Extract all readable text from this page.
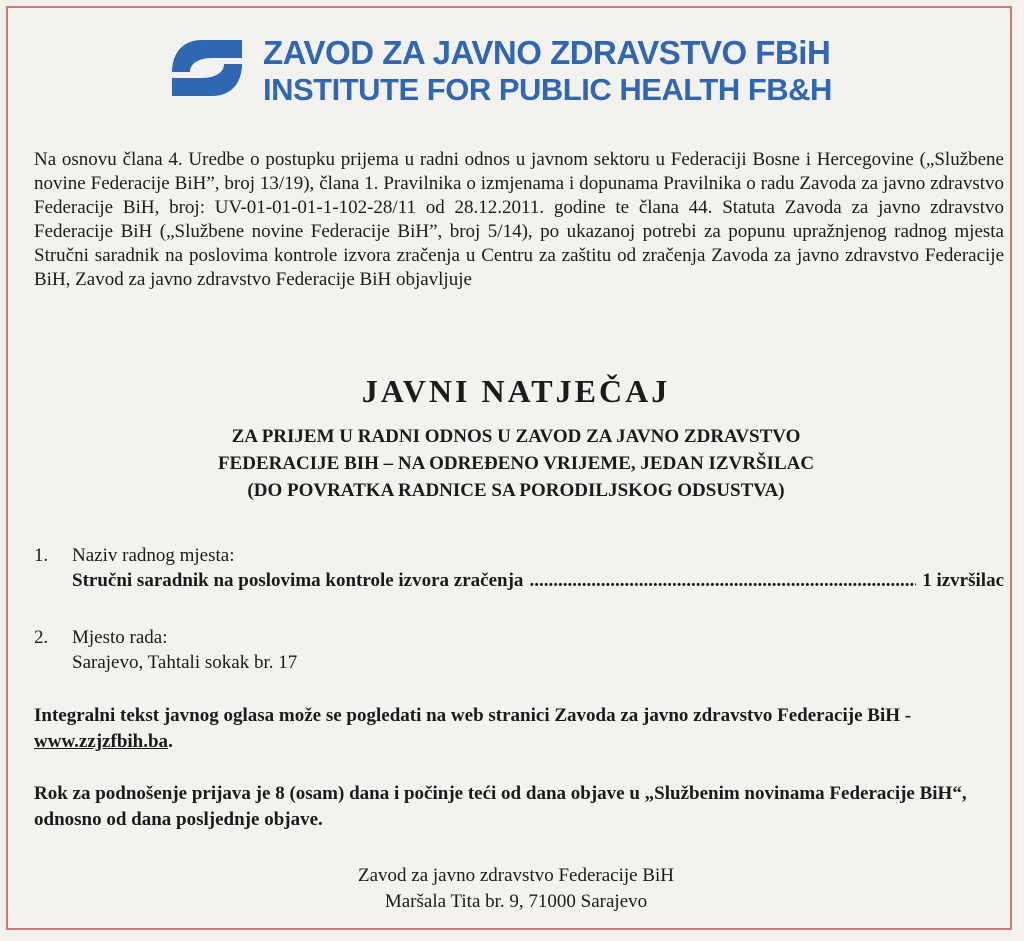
ZAVOD ZA JAVNO ZDRAVSTVO FBiH
INSTITUTE FOR PUBLIC HEALTH FB&H
Na osnovu člana 4. Uredbe o postupku prijema u radni odnos u javnom sektoru u Federaciji Bosne i Hercegovine („Službene novine Federacije BiH”, broj 13/19), člana 1. Pravilnika o izmjenama i dopunama Pravilnika o radu Zavoda za javno zdravstvo Federacije BiH, broj: UV-01-01-01-1-102-28/11 od 28.12.2011. godine te člana 44. Statuta Zavoda za javno zdravstvo Federacije BiH („Službene novine Federacije BiH”, broj 5/14), po ukazanoj potrebi za popunu upražnjenog radnog mjesta Stručni saradnik na poslovima kontrole izvora zračenja u Centru za zaštitu od zračenja Zavoda za javno zdravstvo Federacije BiH, Zavod za javno zdravstvo Federacije BiH objavljuje
JAVNI NATJEČAJ
ZA PRIJEM U RADNI ODNOS U ZAVOD ZA JAVNO ZDRAVSTVO
FEDERACIJE BIH – NA ODREĐENO VRIJEME, JEDAN IZVRŠILAC
(DO POVRATKA RADNICE SA PORODILJSKOG ODSUSTVA)
1. Naziv radnog mjesta:
Stručni saradnik na poslovima kontrole izvora zračenja
.....	1 izvršilac
2. Mjesto rada:
Sarajevo, Tahtali sokak br. 17
Integralni tekst javnog oglasa može se pogledati na web stranici Zavoda za javno zdravstvo Federacije BiH - www.zzjzfbih.ba.
Rok za podnošenje prijava je 8 (osam) dana i počinje teći od dana objave u „Službenim novinama Federacije BiH“, odnosno od dana posljednje objave.
Zavod za javno zdravstvo Federacije BiH
Maršala Tita br. 9, 71000 Sarajevo
